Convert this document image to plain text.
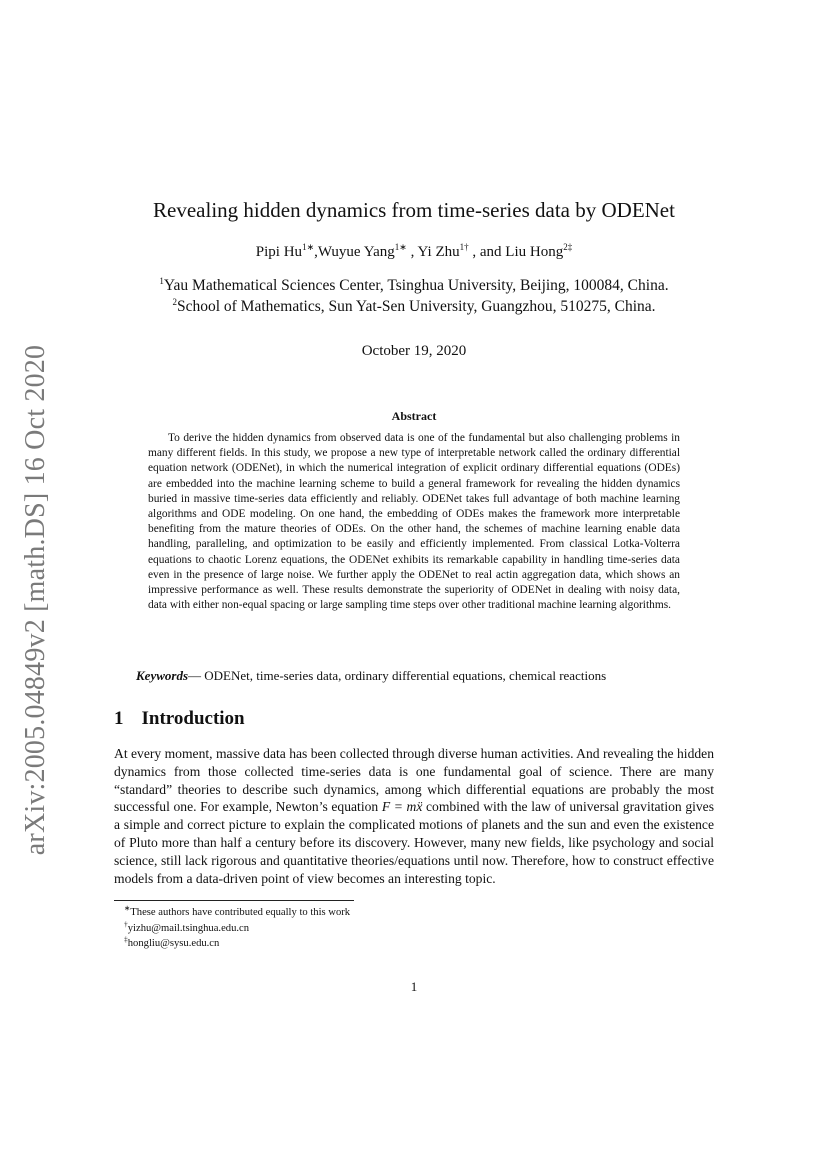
arXiv:2005.04849v2 [math.DS] 16 Oct 2020
Revealing hidden dynamics from time-series data by ODENet
Pipi $Hu^{1∗},Wuyue$ Yang$^{1∗}$ , Yi Zhu$^{1\dagger}$ , and Liu Hong$^{2\ddagger}$
$^1$Yau Mathematical Sciences Center, Tsinghua University, Beijing, 100084, China.
$^2$School of Mathematics, Sun Yat-Sen University, Guangzhou, 510275, China.
October 19, 2020
Abstract
To derive the hidden dynamics from observed data is one of the fundamental but also challenging problems in many different fields. In this study, we propose a new type of interpretable network called the ordinary differential equation network (ODENet), in which the numerical integration of explicit ordinary differential equations (ODEs) are embedded into the machine learning scheme to build a general framework for revealing the hidden dynamics buried in massive time-series data efficiently and reliably. ODENet takes full advantage of both machine learning algorithms and ODE modeling. On one hand, the embedding of ODEs makes the framework more interpretable benefiting from the mature theories of ODEs. On the other hand, the schemes of machine learning enable data handling, paralleling, and optimization to be easily and efficiently implemented. From classical Lotka-Volterra equations to chaotic Lorenz equations, the ODENet exhibits its remarkable capability in handling time-series data even in the presence of large noise. We further apply the ODENet to real actin aggregation data, which shows an impressive performance as well. These results demonstrate the superiority of ODENet in dealing with noisy data, data with either non-equal spacing or large sampling time steps over other traditional machine learning algorithms.
Keywords— ODENet, time-series data, ordinary differential equations, chemical reactions
1 Introduction
At every moment, massive data has been collected through diverse human activities. And revealing the hidden dynamics from those collected time-series data is one fundamental goal of science. There are many “standard” theories to describe such dynamics, among which differential equations are probably the most successful one. For example, Newton’s equation F = mẍ combined with the law of universal gravitation gives a simple and correct picture to explain the complicated motions of planets and the sun and even the existence of Pluto more than half a century before its discovery. However, many new fields, like psychology and social science, still lack rigorous and quantitative theories/equations until now. Therefore, how to construct effective models from a data-driven point of view becomes an interesting topic.
∗These authors have contributed equally to this work
†yizhu@mail.tsinghua.edu.cn
‡hongliu@sysu.edu.cn
1
